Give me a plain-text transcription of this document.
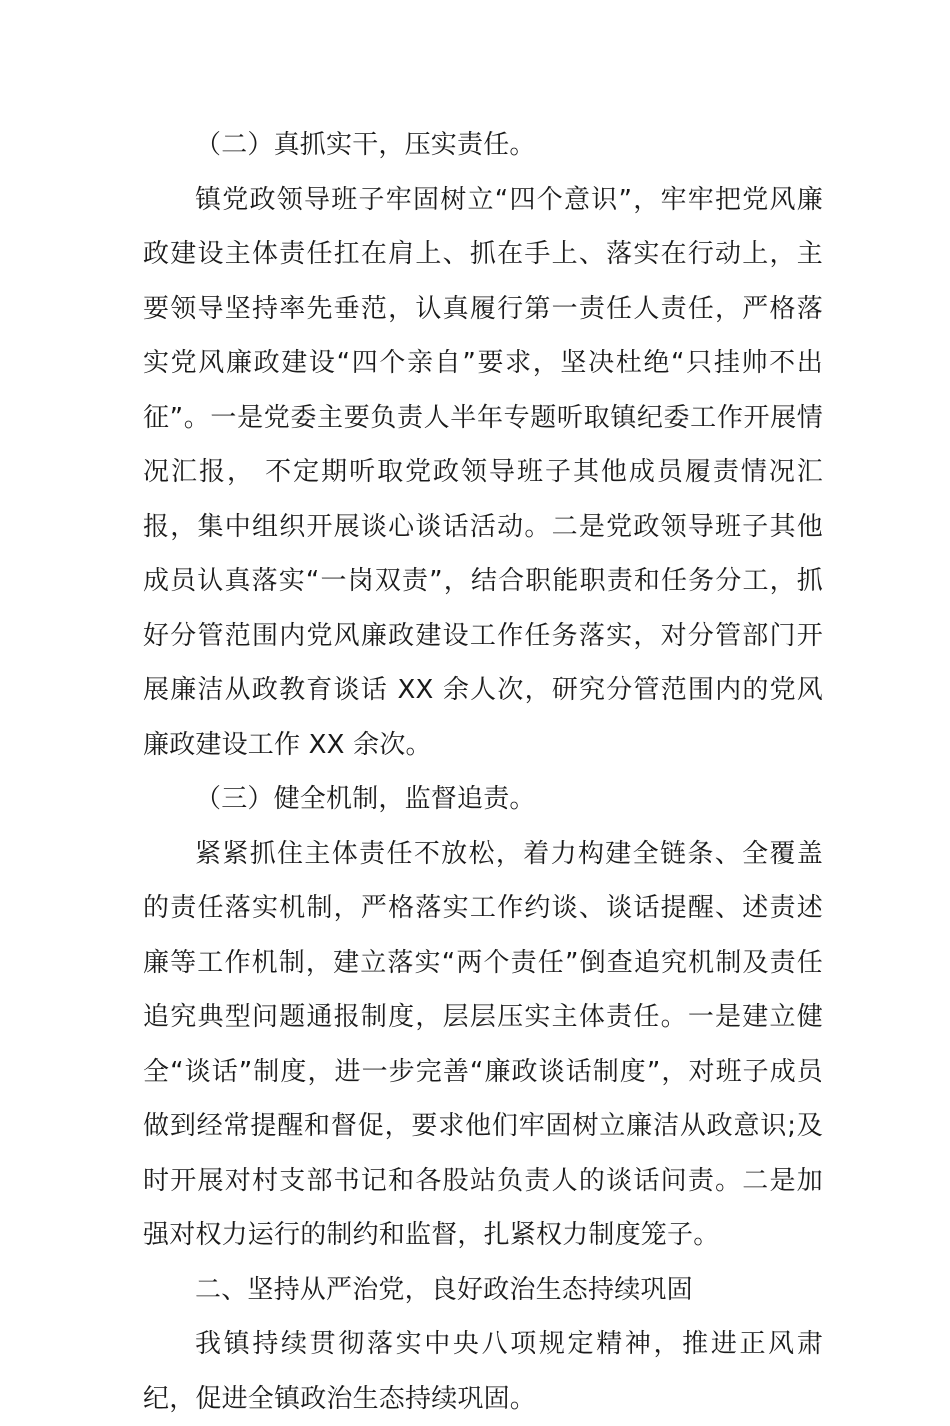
（二）真抓实干，压实责任。

镇党政领导班子牢固树立“四个意识”，牢牢把党风廉政建设主体责任扛在肩上、抓在手上、落实在行动上，主要领导坚持率先垂范，认真履行第一责任人责任，严格落实党风廉政建设“四个亲自”要求，坚决杜绝“只挂帅不出征”。一是党委主要负责人半年专题听取镇纪委工作开展情况汇报， 不定期听取党政领导班子其他成员履责情况汇报，集中组织开展谈心谈话活动。二是党政领导班子其他成员认真落实“一岗双责”，结合职能职责和任务分工，抓好分管范围内党风廉政建设工作任务落实，对分管部门开展廉洁从政教育谈话 XX 余人次，研究分管范围内的党风廉政建设工作 XX 余次。

（三）健全机制，监督追责。

紧紧抓住主体责任不放松，着力构建全链条、全覆盖的责任落实机制，严格落实工作约谈、谈话提醒、述责述廉等工作机制，建立落实“两个责任”倒查追究机制及责任追究典型问题通报制度，层层压实主体责任。一是建立健全“谈话”制度，进一步完善“廉政谈话制度”，对班子成员做到经常提醒和督促，要求他们牢固树立廉洁从政意识;及时开展对村支部书记和各股站负责人的谈话问责。二是加强对权力运行的制约和监督，扎紧权力制度笼子。

二、坚持从严治党，良好政治生态持续巩固

我镇持续贯彻落实中央八项规定精神，推进正风肃纪，促进全镇政治生态持续巩固。
